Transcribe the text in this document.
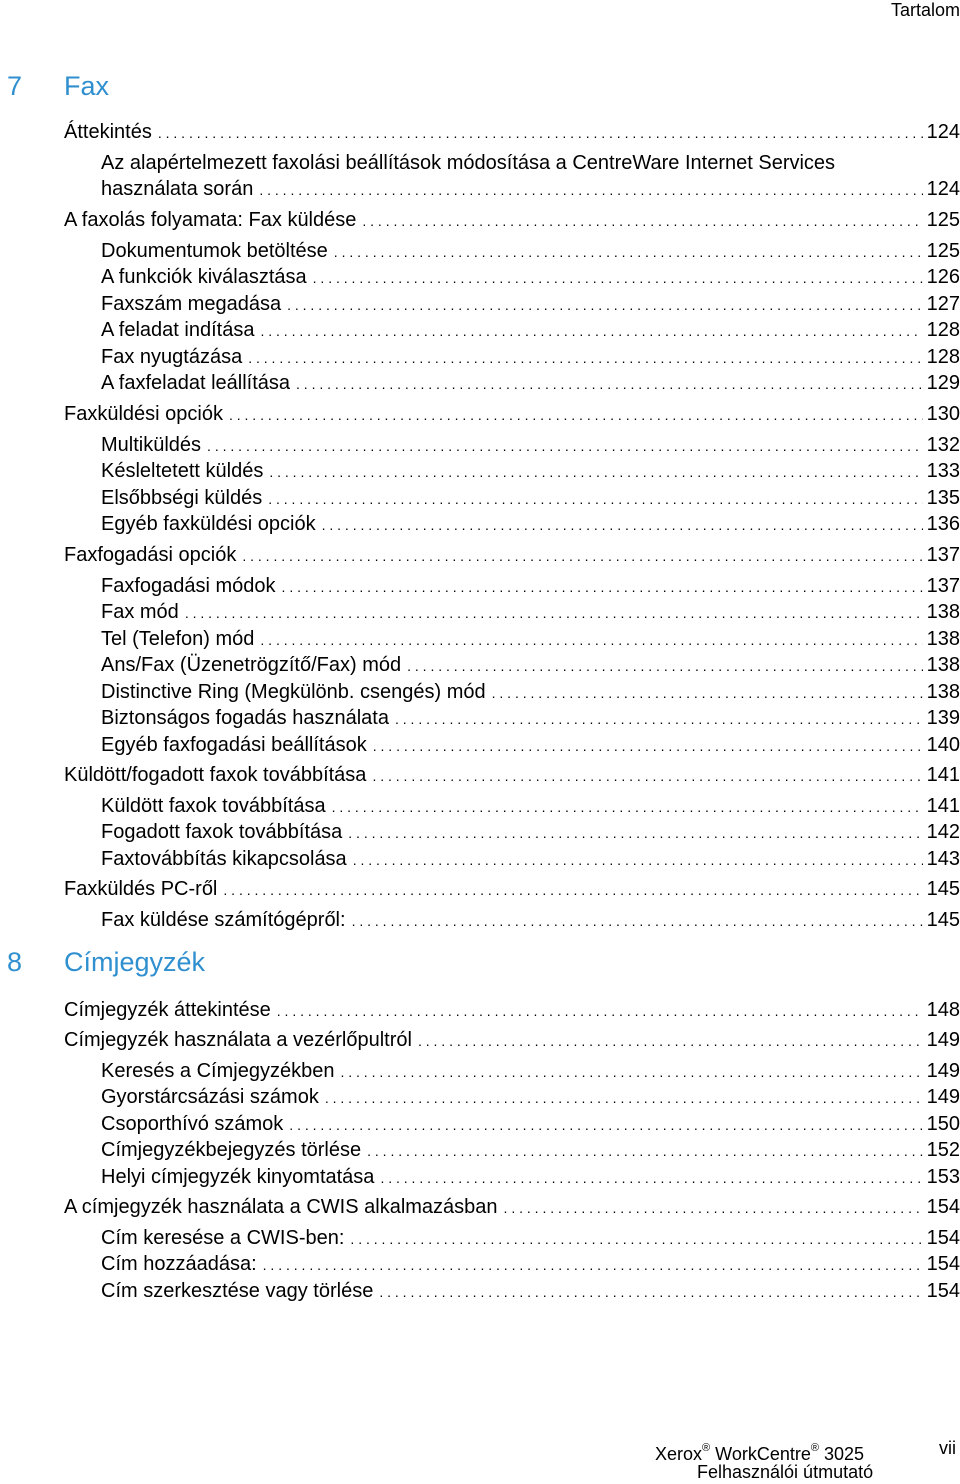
Tartalom
7 Fax
Áttekintés . . .	124
Az alapértelmezett faxolási beállítások módosítása a CentreWare Internet Services
használata során . . .	124
A faxolás folyamata: Fax küldése . . .	125
Dokumentumok betöltése . . .	125
A funkciók kiválasztása . . .	126
Faxszám megadása . . .	127
A feladat indítása . . .	128
Fax nyugtázása . . .	128
A faxfeladat leállítása . . .	129
Faxküldési opciók . . .	130
Multiküldés . . .	132
Késleltetett küldés . . .	133
Elsőbbségi küldés . . .	135
Egyéb faxküldési opciók . . .	136
Faxfogadási opciók . . .	137
Faxfogadási módok . . .	137
Fax mód . . .	138
Tel (Telefon) mód . . .	138
Ans/Fax (Üzenetrögzítő/Fax) mód . . .	138
Distinctive Ring (Megkülönb. csengés) mód . . .	138
Biztonságos fogadás használata . . .	139
Egyéb faxfogadási beállítások . . .	140
Küldött/fogadott faxok továbbítása . . .	141
Küldött faxok továbbítása . . .	141
Fogadott faxok továbbítása . . .	142
Faxtovábbítás kikapcsolása . . .	143
Faxküldés PC-ről . . .	145
Fax küldése számítógépről: . . .	145
8 Címjegyzék
Címjegyzék áttekintése . . .	148
Címjegyzék használata a vezérlőpultról . . .	149
Keresés a Címjegyzékben . . .	149
Gyorstárcsázási számok . . .	149
Csoporthívó számok . . .	150
Címjegyzékbejegyzés törlése . . .	152
Helyi címjegyzék kinyomtatása . . .	153
A címjegyzék használata a CWIS alkalmazásban . . .	154
Cím keresése a CWIS-ben: . . .	154
Cím hozzáadása: . . .	154
Cím szerkesztése vagy törlése . . .	154
Xerox® WorkCentre® 3025
Felhasználói útmutató
vii
